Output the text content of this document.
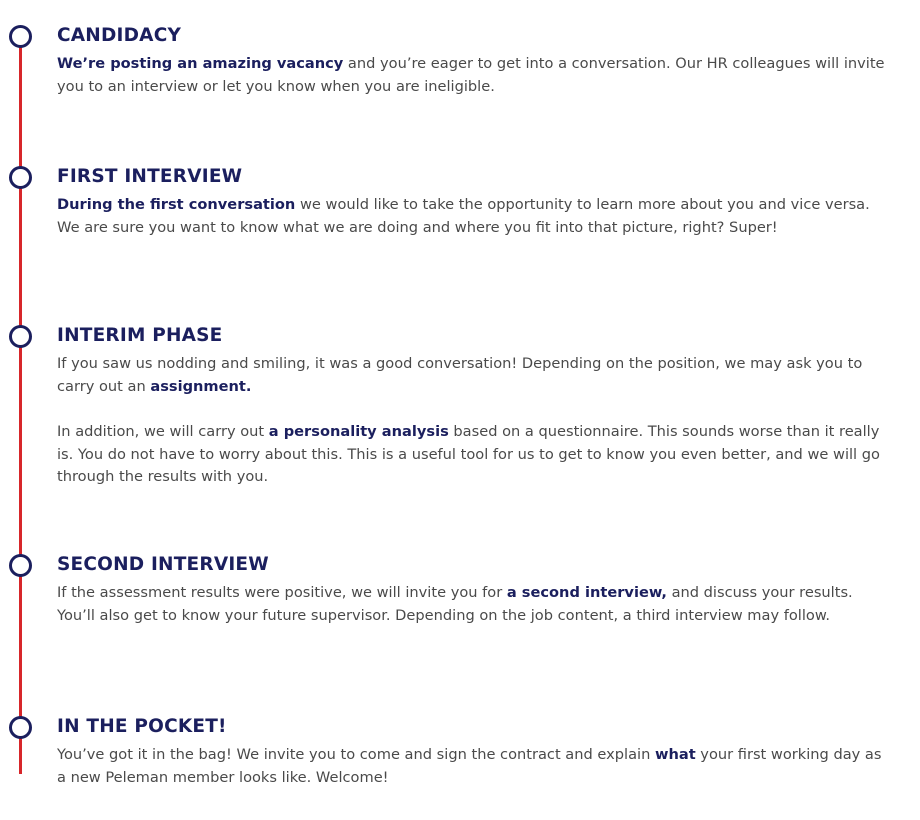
CANDIDACY

We’re posting an amazing vacancy and you’re eager to get into a conversation. Our HR colleagues will invite you to an interview or let you know when you are ineligible.

FIRST INTERVIEW

During the first conversation we would like to take the opportunity to learn more about you and vice versa. We are sure you want to know what we are doing and where you fit into that picture, right? Super!

INTERIM PHASE

If you saw us nodding and smiling, it was a good conversation! Depending on the position, we may ask you to carry out an assignment.

In addition, we will carry out a personality analysis based on a questionnaire. This sounds worse than it really is. You do not have to worry about this. This is a useful tool for us to get to know you even better, and we will go through the results with you.

SECOND INTERVIEW

If the assessment results were positive, we will invite you for a second interview, and discuss your results. You’ll also get to know your future supervisor. Depending on the job content, a third interview may follow.

IN THE POCKET!

You’ve got it in the bag! We invite you to come and sign the contract and explain what your first working day as a new Peleman member looks like. Welcome!
